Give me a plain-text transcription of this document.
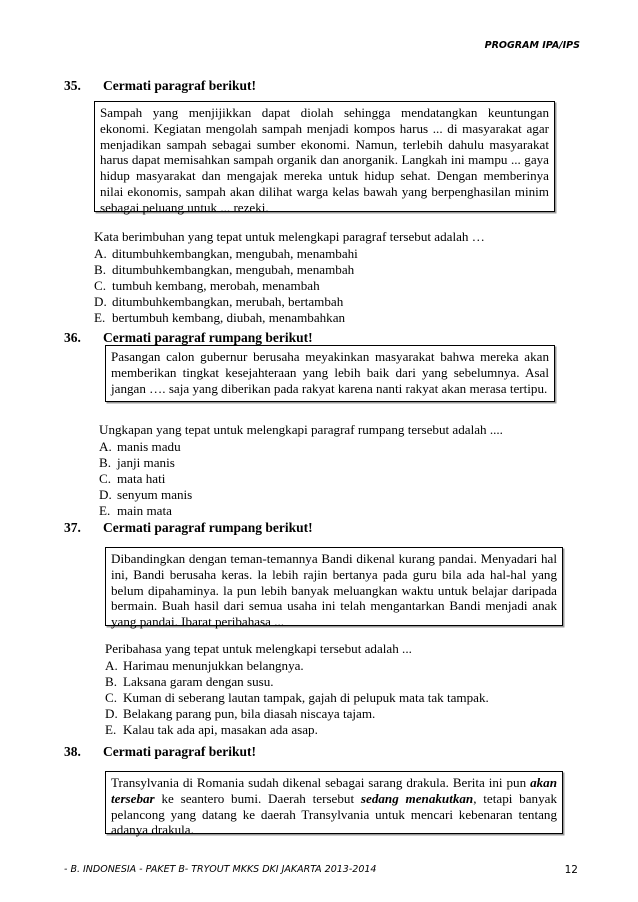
PROGRAM IPA/IPS
35. Cermati paragraf berikut!

Sampah yang menjijikkan dapat diolah sehingga mendatangkan keuntungan ekonomi. Kegiatan mengolah sampah menjadi kompos harus ... di masyarakat agar menjadikan sampah sebagai sumber ekonomi. Namun, terlebih dahulu masyarakat harus dapat memisahkan sampah organik dan anorganik. Langkah ini mampu ... gaya hidup masyarakat dan mengajak mereka untuk hidup sehat. Dengan memberinya nilai ekonomis, sampah akan dilihat warga kelas bawah yang berpenghasilan minim sebagai peluang untuk ... rezeki.

Kata berimbuhan yang tepat untuk melengkapi paragraf tersebut adalah …
A. ditumbuhkembangkan, mengubah, menambahi
B. ditumbuhkembangkan, mengubah, menambah
C. tumbuh kembang, merobah, menambah
D. ditumbuhkembangkan, merubah, bertambah
E. bertumbuh kembang, diubah, menambahkan
36. Cermati paragraf rumpang berikut!

Pasangan calon gubernur berusaha meyakinkan masyarakat bahwa mereka akan memberikan tingkat kesejahteraan yang lebih baik dari yang sebelumnya. Asal jangan …. saja yang diberikan pada rakyat karena nanti rakyat akan merasa tertipu.

Ungkapan yang tepat untuk melengkapi paragraf rumpang tersebut adalah ....
A. manis madu
B. janji manis
C. mata hati
D. senyum manis
E. main mata
37. Cermati paragraf rumpang berikut!

Dibandingkan dengan teman-temannya Bandi dikenal kurang pandai. Menyadari hal ini, Bandi berusaha keras. la lebih rajin bertanya pada guru bila ada hal-hal yang belum dipahaminya. la pun lebih banyak meluangkan waktu untuk belajar daripada bermain. Buah hasil dari semua usaha ini telah mengantarkan Bandi menjadi anak yang pandai. Ibarat peribahasa ...

Peribahasa yang tepat untuk melengkapi tersebut adalah ...
A. Harimau menunjukkan belangnya.
B. Laksana garam dengan susu.
C. Kuman di seberang lautan tampak, gajah di pelupuk mata tak tampak.
D. Belakang parang pun, bila diasah niscaya tajam.
E. Kalau tak ada api, masakan ada asap.
38. Cermati paragraf berikut!

Transylvania di Romania sudah dikenal sebagai sarang drakula. Berita ini pun akan tersebar ke seantero bumi. Daerah tersebut sedang menakutkan, tetapi banyak pelancong yang datang ke daerah Transylvania untuk mencari kebenaran tentang adanya drakula.

- B. INDONESIA - PAKET B- TRYOUT MKKS DKI JAKARTA 2013-2014	12
